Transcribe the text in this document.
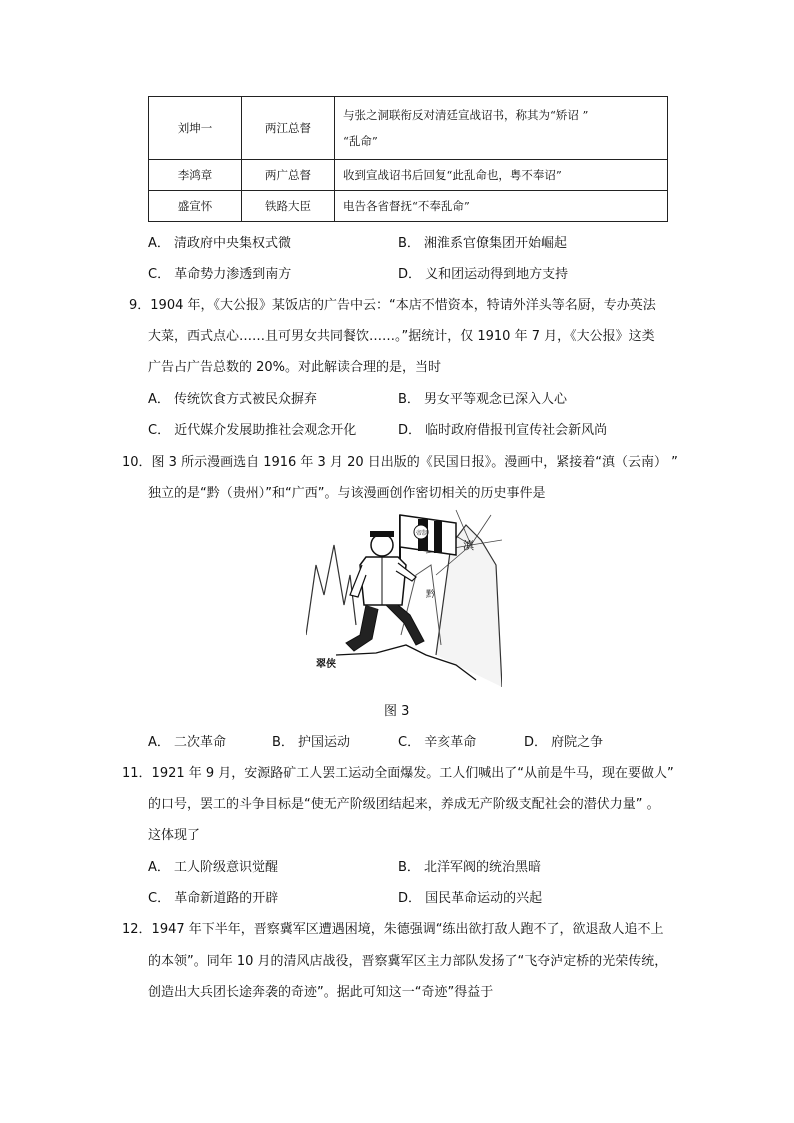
刘坤一	两江总督	与张之洞联衔反对清廷宣战诏书，称其为“矫诏 ”
“乱命”

李鸿章	两广总督	收到宣战诏书后回复“此乱命也，粤不奉诏”
盛宣怀	铁路大臣	电告各省督抚“不奉乱命”
A． 清政府中央集权式微	B． 湘淮系官僚集团开始崛起
C． 革命势力渗透到南方	D． 义和团运动得到地方支持
9．1904 年，《大公报》某饭店的广告中云：“本店不惜资本，特请外洋头等名厨，专办英法
大菜，西式点心……且可男女共同餐饮……。”据统计，仅 1910 年 7 月，《大公报》这类
广告占广告总数的 20%。对此解读合理的是，当时
A． 传统饮食方式被民众摒弃	B． 男女平等观念已深入人心
C． 近代媒介发展助推社会观念开化	D． 临时政府借报刊宣传社会新风尚
10．图 3 所示漫画选自 1916 年 3 月 20 日出版的《民国日报》。漫画中，紧接着“滇（云南） ”
独立的是“黔（贵州）”和“广西”。与该漫画创作密切相关的历史事件是
滇
帝制
黔
翠侠
图 3
A． 二次革命	B． 护国运动	C． 辛亥革命	D． 府院之争
11．1921 年 9 月，安源路矿工人罢工运动全面爆发。工人们喊出了“从前是牛马，现在要做人”
的口号，罢工的斗争目标是“使无产阶级团结起来，养成无产阶级支配社会的潜伏力量” 。
这体现了
A． 工人阶级意识觉醒	B． 北洋军阀的统治黑暗
C． 革命新道路的开辟	D． 国民革命运动的兴起
12．1947 年下半年，晋察冀军区遭遇困境，朱德强调“练出欲打敌人跑不了，欲退敌人追不上
的本领”。同年 10 月的清风店战役，晋察冀军区主力部队发扬了“飞夺泸定桥的光荣传统，
创造出大兵团长途奔袭的奇迹”。据此可知这一“奇迹”得益于
